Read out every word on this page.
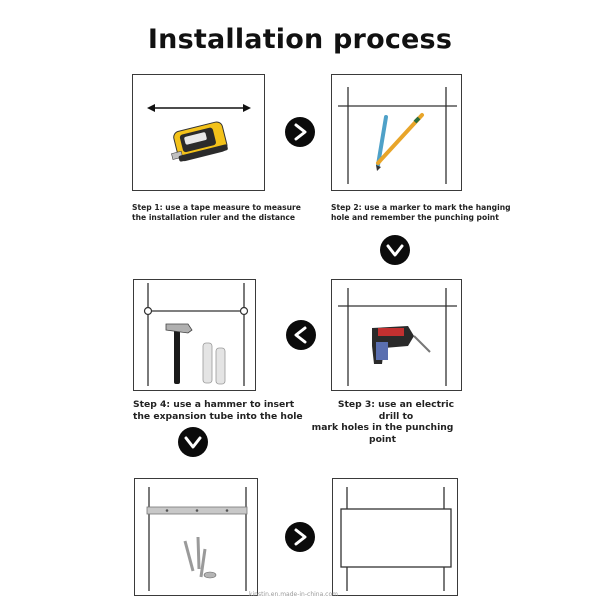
Installation process
Step 1: use a tape measure to measure
the installation ruler and the distance
Step 2: use a marker to mark the hanging
hole and remember the punching point
Step 4: use a hammer to insert
the expansion tube into the hole
Step 3: use an electric drill to
mark holes in the punching point
kinstin.en.made-in-china.com
